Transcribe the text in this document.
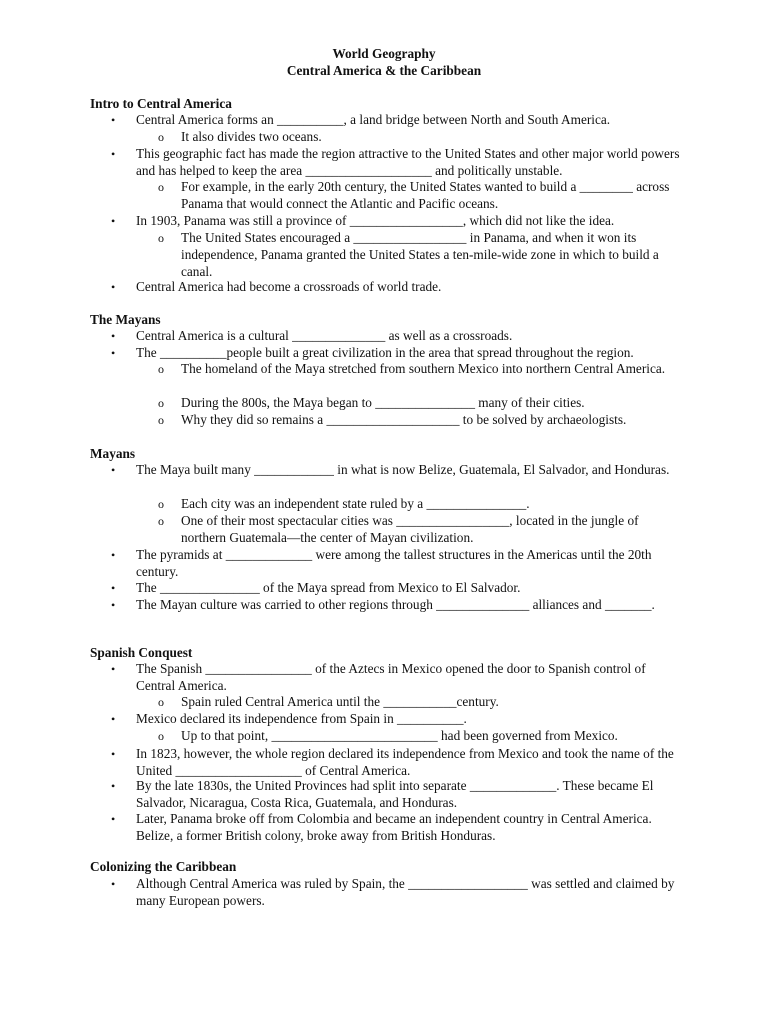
World Geography
Central America & the Caribbean
Intro to Central America
• Central America forms an __________, a land bridge between North and South America.
o It also divides two oceans.
• This geographic fact has made the region attractive to the United States and other major world powers and has helped to keep the area ___________________ and politically unstable.
o For example, in the early 20th century, the United States wanted to build a ________ across Panama that would connect the Atlantic and Pacific oceans.
• In 1903, Panama was still a province of _________________, which did not like the idea.
o The United States encouraged a _________________ in Panama, and when it won its independence, Panama granted the United States a ten-mile-wide zone in which to build a canal.
• Central America had become a crossroads of world trade.
The Mayans
• Central America is a cultural ______________ as well as a crossroads.
• The __________people built a great civilization in the area that spread throughout the region.
o The homeland of the Maya stretched from southern Mexico into northern Central America.
o During the 800s, the Maya began to _______________ many of their cities.
o Why they did so remains a ____________________ to be solved by archaeologists.
Mayans
• The Maya built many ____________ in what is now Belize, Guatemala, El Salvador, and Honduras.
o Each city was an independent state ruled by a _______________.
o One of their most spectacular cities was _________________, located in the jungle of northern Guatemala—the center of Mayan civilization.
• The pyramids at _____________ were among the tallest structures in the Americas until the 20th century.
• The _______________ of the Maya spread from Mexico to El Salvador.
• The Mayan culture was carried to other regions through ______________ alliances and _______.
Spanish Conquest
• The Spanish ________________ of the Aztecs in Mexico opened the door to Spanish control of Central America.
o Spain ruled Central America until the ___________century.
• Mexico declared its independence from Spain in __________.
o Up to that point, _________________________ had been governed from Mexico.
• In 1823, however, the whole region declared its independence from Mexico and took the name of the United ___________________ of Central America.
• By the late 1830s, the United Provinces had split into separate _____________. These became El Salvador, Nicaragua, Costa Rica, Guatemala, and Honduras.
• Later, Panama broke off from Colombia and became an independent country in Central America. Belize, a former British colony, broke away from British Honduras.
Colonizing the Caribbean
• Although Central America was ruled by Spain, the __________________ was settled and claimed by many European powers.
